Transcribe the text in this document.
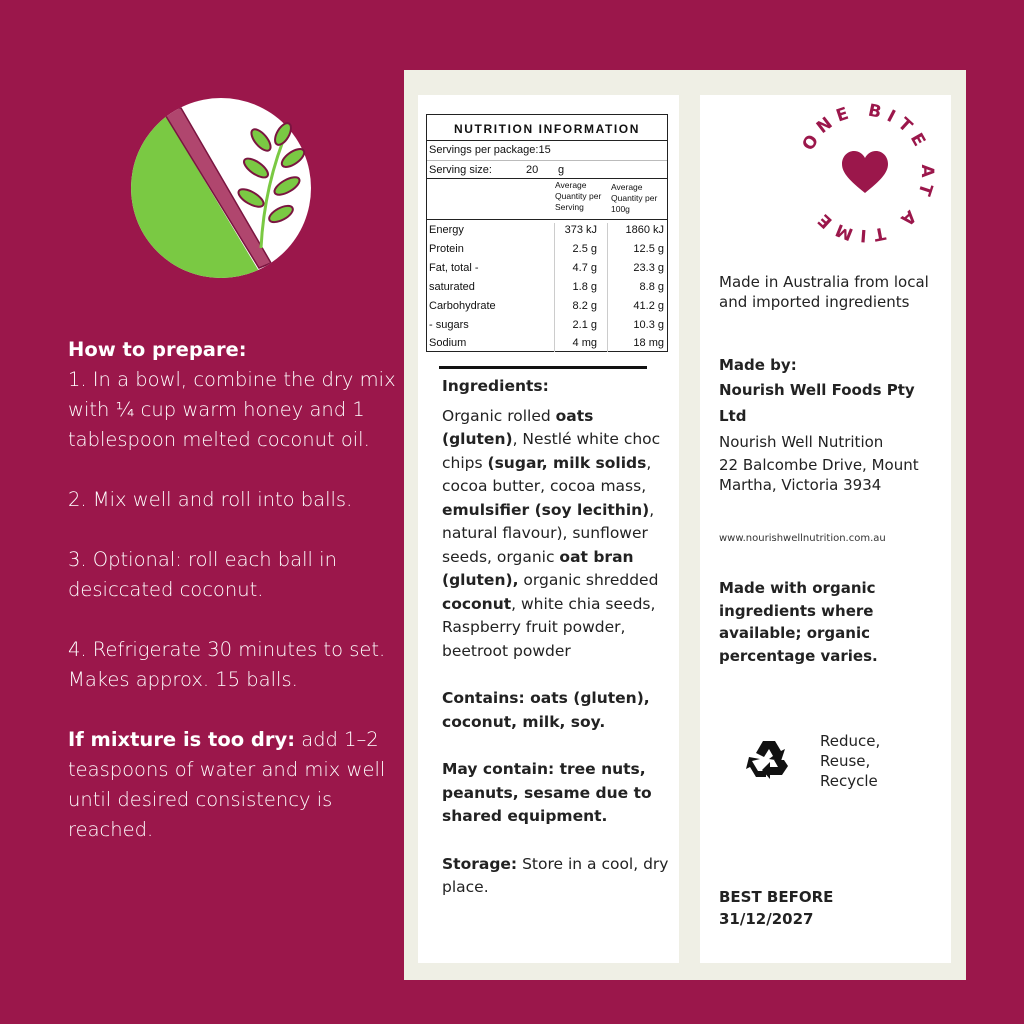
How to prepare:
1. In a bowl, combine the dry mix with ¼ cup warm honey and 1 tablespoon melted coconut oil.

2. Mix well and roll into balls.

3. Optional: roll each ball in desiccated coconut.

4. Refrigerate 30 minutes to set.
Makes approx. 15 balls.

If mixture is too dry: add 1–2 teaspoons of water and mix well until desired consistency is reached.

NUTRITION INFORMATION
Servings per package:15
Serving size:	20 g
Average
Quantity per
Serving
Average
Quantity per
100g
Energy	373 kJ	1860 kJ
Protein	2.5 g	12.5 g
Fat, total -	4.7 g	23.3 g
saturated	1.8 g	8.8 g
Carbohydrate	8.2 g	41.2 g
- sugars	2.1 g	10.3 g
Sodium	4 mg	18 mg

Ingredients:

Organic rolled oats (gluten), Nestlé white choc chips (sugar, milk solids, cocoa butter, cocoa mass, emulsifier (soy lecithin), natural flavour), sunflower seeds, organic oat bran (gluten), organic shredded coconut, white chia seeds, Raspberry fruit powder, beetroot powder

Contains: oats (gluten), coconut, milk, soy.

May contain: tree nuts, peanuts, sesame due to shared equipment.

Storage: Store in a cool, dry place.

ONE BITE AT A TIME
Made in Australia from local and imported ingredients
Made by:
Nourish Well Foods Pty Ltd
Nourish Well Nutrition
22 Balcombe Drive, Mount Martha, Victoria 3934
www.nourishwellnutrition.com.au
Made with organic ingredients where available; organic percentage varies.
Reduce, Reuse, Recycle
BEST BEFORE
31/12/2027
